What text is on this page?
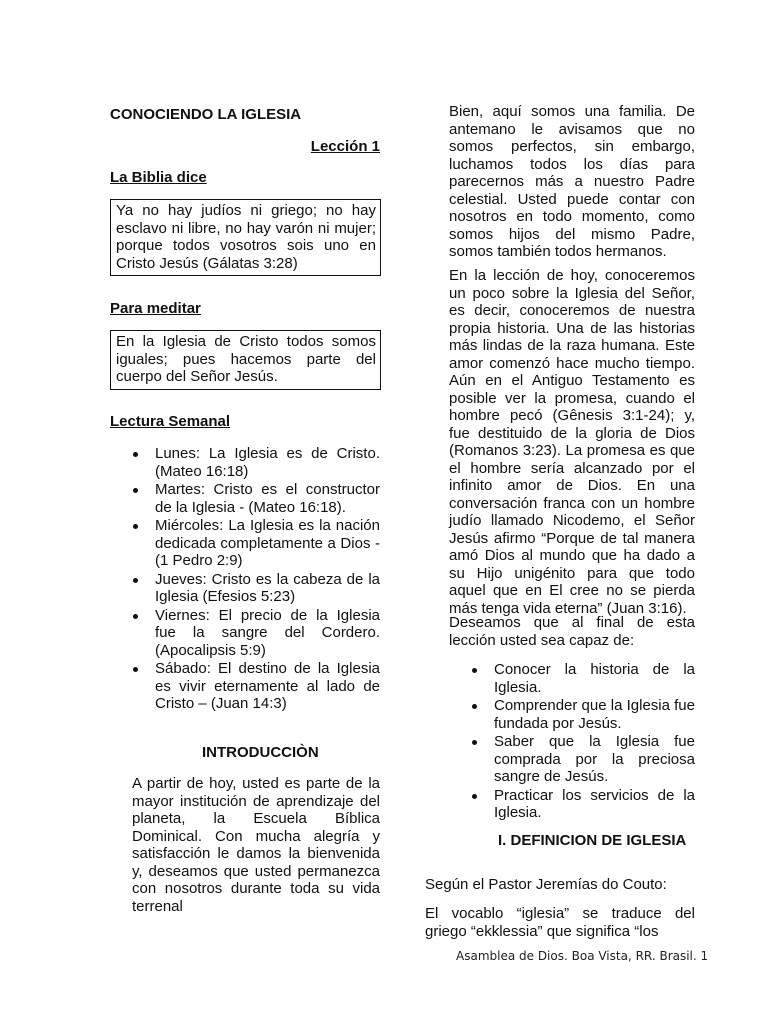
CONOCIENDO LA IGLESIA
Lección 1
La Biblia dice
Ya no hay judíos ni griego; no hay esclavo ni libre, no hay varón ni mujer; porque todos vosotros sois uno en Cristo Jesús (Gálatas 3:28)
Para meditar
En la Iglesia de Cristo todos somos iguales; pues hacemos parte del cuerpo del Señor Jesús.
Lectura Semanal
Lunes: La Iglesia es de Cristo. (Mateo 16:18)
Martes: Cristo es el constructor de la Iglesia - (Mateo 16:18).
Miércoles: La Iglesia es la nación dedicada completamente a Dios - (1 Pedro 2:9)
Jueves: Cristo es la cabeza de la Iglesia (Efesios 5:23)
Viernes: El precio de la Iglesia fue la sangre del Cordero. (Apocalipsis 5:9)
Sábado: El destino de la Iglesia es vivir eternamente al lado de Cristo – (Juan 14:3)
INTRODUCCIÒN
A partir de hoy, usted es parte de la mayor institución de aprendizaje del planeta, la Escuela Bíblica Dominical. Con mucha alegría y satisfacción le damos la bienvenida y, deseamos que usted permanezca con nosotros durante toda su vida terrenal
Bien, aquí somos una familia. De antemano le avisamos que no somos perfectos, sin embargo, luchamos todos los días para parecernos más a nuestro Padre celestial. Usted puede contar con nosotros en todo momento, como somos hijos del mismo Padre, somos también todos hermanos.
En la lección de hoy, conoceremos un poco sobre la Iglesia del Señor, es decir, conoceremos de nuestra propia historia. Una de las historias más lindas de la raza humana. Este amor comenzó hace mucho tiempo. Aún en el Antiguo Testamento es posible ver la promesa, cuando el hombre pecó (Gênesis 3:1-24); y, fue destituido de la gloria de Dios (Romanos 3:23). La promesa es que el hombre sería alcanzado por el infinito amor de Dios. En una conversación franca con un hombre judío llamado Nicodemo, el Señor Jesús afirmo “Porque de tal manera amó Dios al mundo que ha dado a su Hijo unigénito para que todo aquel que en El cree no se pierda más tenga vida eterna” (Juan 3:16).
Deseamos que al final de esta lección usted sea capaz de:
Conocer la historia de la Iglesia.
Comprender que la Iglesia fue fundada por Jesús.
Saber que la Iglesia fue comprada por la preciosa sangre de Jesús.
Practicar los servicios de la Iglesia.
I. DEFINICION DE IGLESIA
Según el Pastor Jeremías do Couto:
El vocablo “iglesia” se traduce del griego “ekklessia” que significa “los
Asamblea de Dios. Boa Vista, RR. Brasil. 1
